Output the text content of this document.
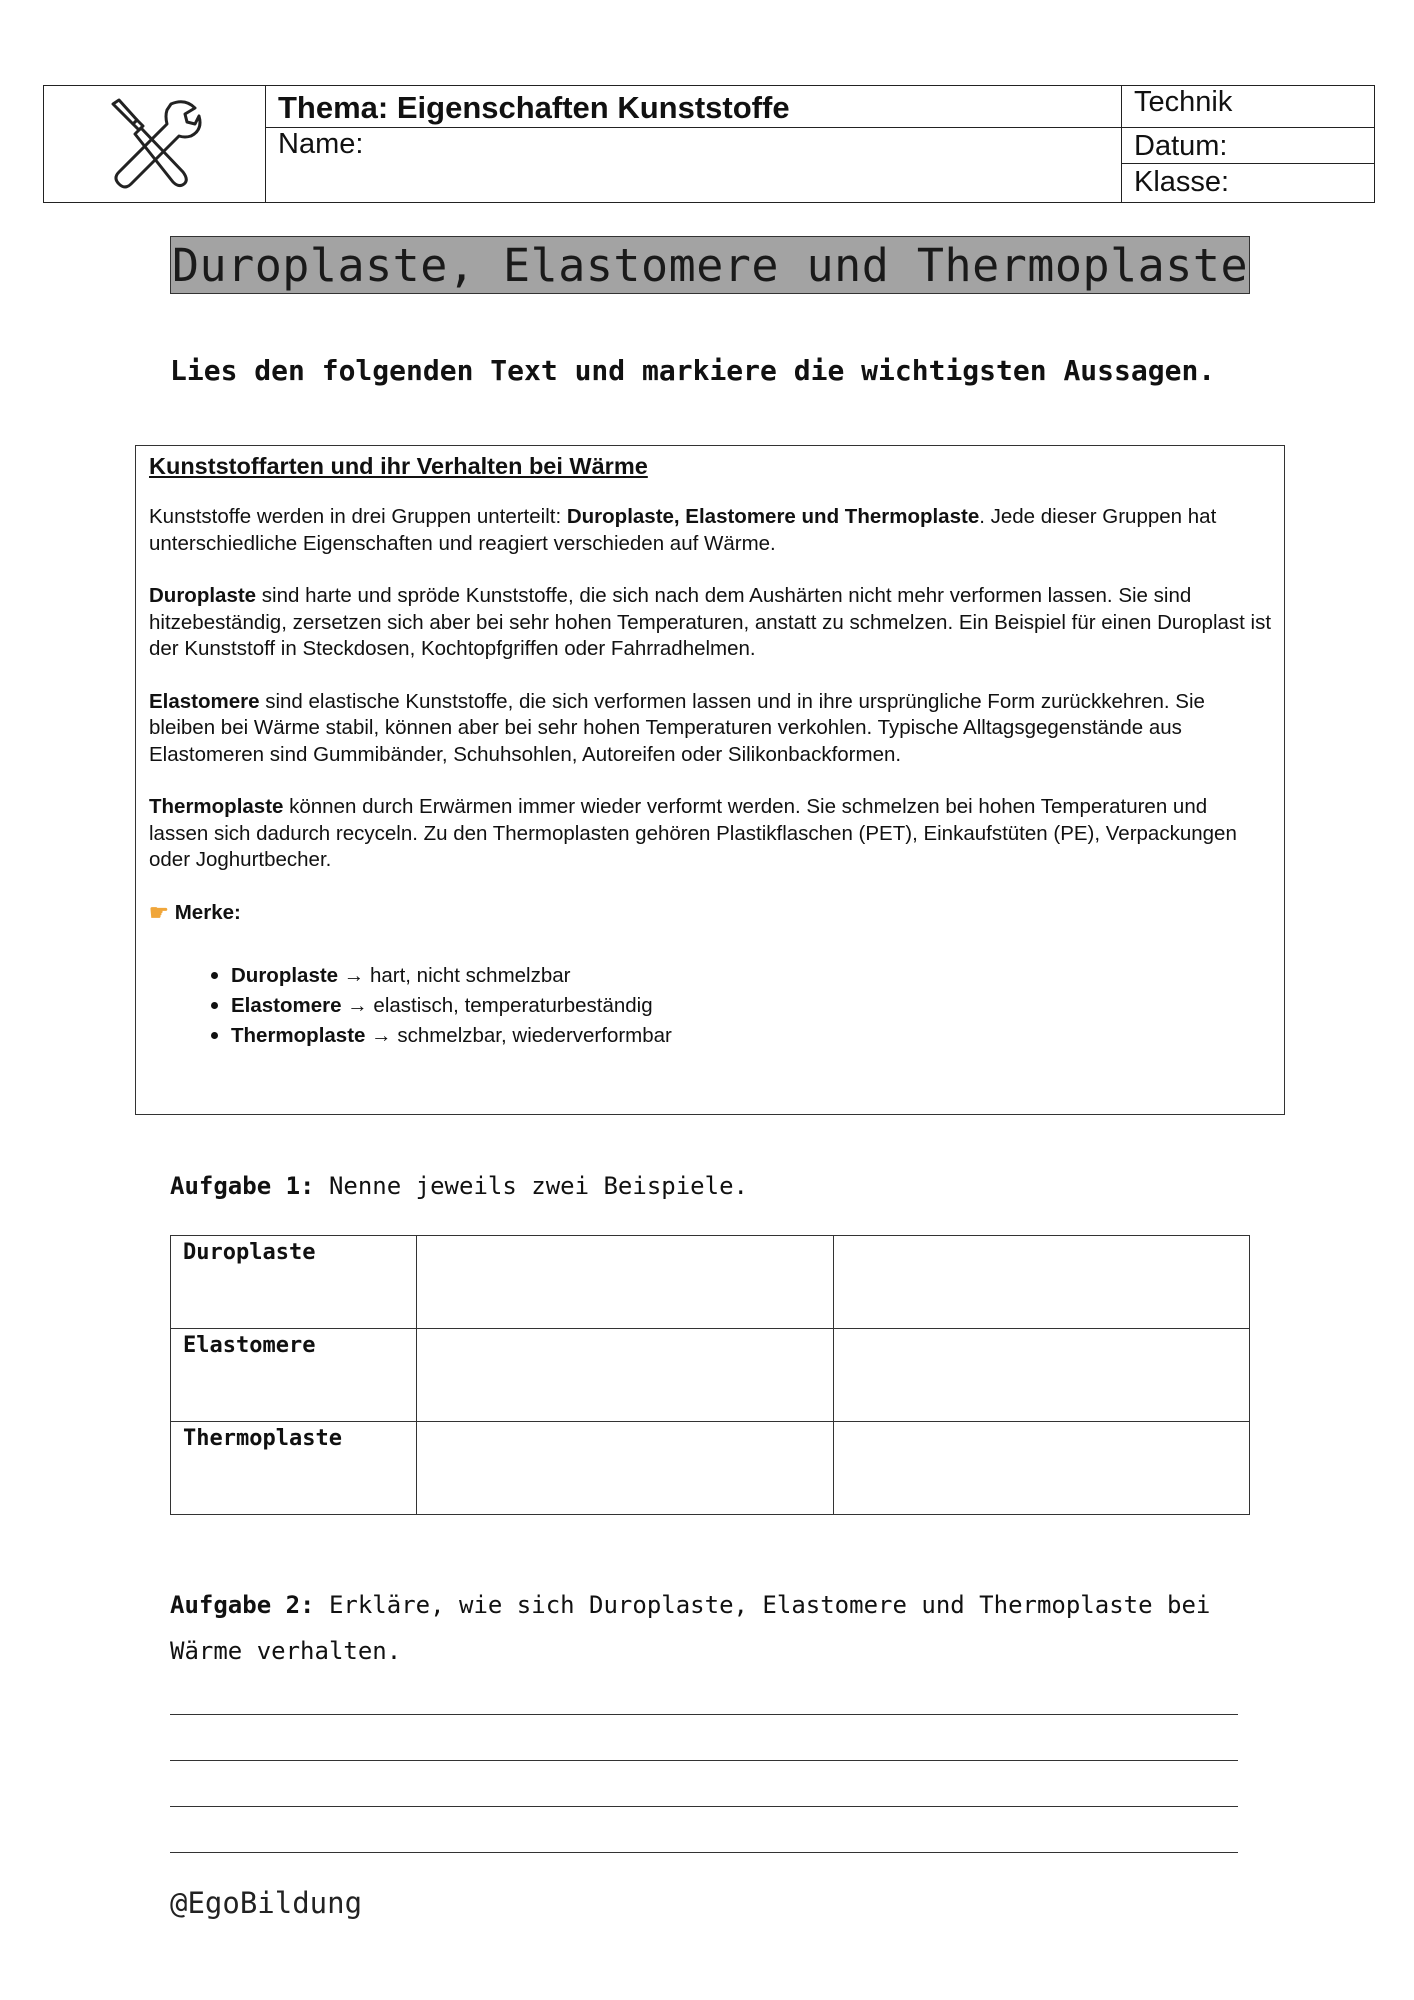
Thema: Eigenschaften Kunststoffe
Name:
Technik
Datum:
Klasse:
Duroplaste, Elastomere und Thermoplaste
Lies den folgenden Text und markiere die wichtigsten Aussagen.
Kunststoffarten und ihr Verhalten bei Wärme

Kunststoffe werden in drei Gruppen unterteilt: Duroplaste, Elastomere und Thermoplaste. Jede dieser Gruppen hat unterschiedliche Eigenschaften und reagiert verschieden auf Wärme.

Duroplaste sind harte und spröde Kunststoffe, die sich nach dem Aushärten nicht mehr verformen lassen. Sie sind hitzebeständig, zersetzen sich aber bei sehr hohen Temperaturen, anstatt zu schmelzen. Ein Beispiel für einen Duroplast ist der Kunststoff in Steckdosen, Kochtopfgriffen oder Fahrradhelmen.

Elastomere sind elastische Kunststoffe, die sich verformen lassen und in ihre ursprüngliche Form zurückkehren. Sie bleiben bei Wärme stabil, können aber bei sehr hohen Temperaturen verkohlen. Typische Alltagsgegenstände aus Elastomeren sind Gummibänder, Schuhsohlen, Autoreifen oder Silikonbackformen.

Thermoplaste können durch Erwärmen immer wieder verformt werden. Sie schmelzen bei hohen Temperaturen und lassen sich dadurch recyceln. Zu den Thermoplasten gehören Plastikflaschen (PET), Einkaufstüten (PE), Verpackungen oder Joghurtbecher.

☛ Merke:
• Duroplaste → hart, nicht schmelzbar
• Elastomere → elastisch, temperaturbeständig
• Thermoplaste → schmelzbar, wiederverformbar
Aufgabe 1: Nenne jeweils zwei Beispiele.
Duroplaste		
Elastomere		
Thermoplaste		
Aufgabe 2: Erkläre, wie sich Duroplaste, Elastomere und Thermoplaste bei Wärme verhalten.
@EgoBildung
